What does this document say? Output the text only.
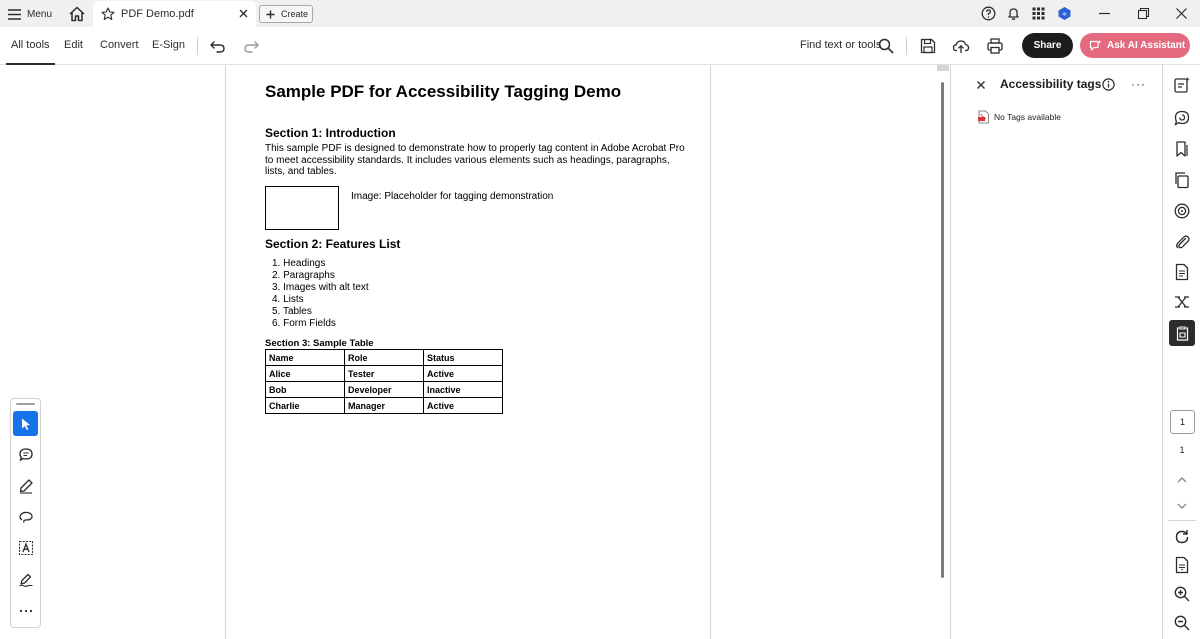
Menu	PDF Demo.pdf	Create
All tools Edit Convert E-Sign	Find text or tools	Share	Ask AI Assistant
Sample PDF for Accessibility Tagging Demo
Section 1: Introduction
This sample PDF is designed to demonstrate how to properly tag content in Adobe Acrobat Pro to meet accessibility standards. It includes various elements such as headings, paragraphs, lists, and tables.
Image: Placeholder for tagging demonstration
Section 2: Features List
1. Headings
2. Paragraphs
3. Images with alt text
4. Lists
5. Tables
6. Form Fields
Section 3: Sample Table
Name	Role	Status
Alice	Tester	Active
Bob	Developer	Inactive
Charlie	Manager	Active
Accessibility tags ···
No Tags available
1
1
